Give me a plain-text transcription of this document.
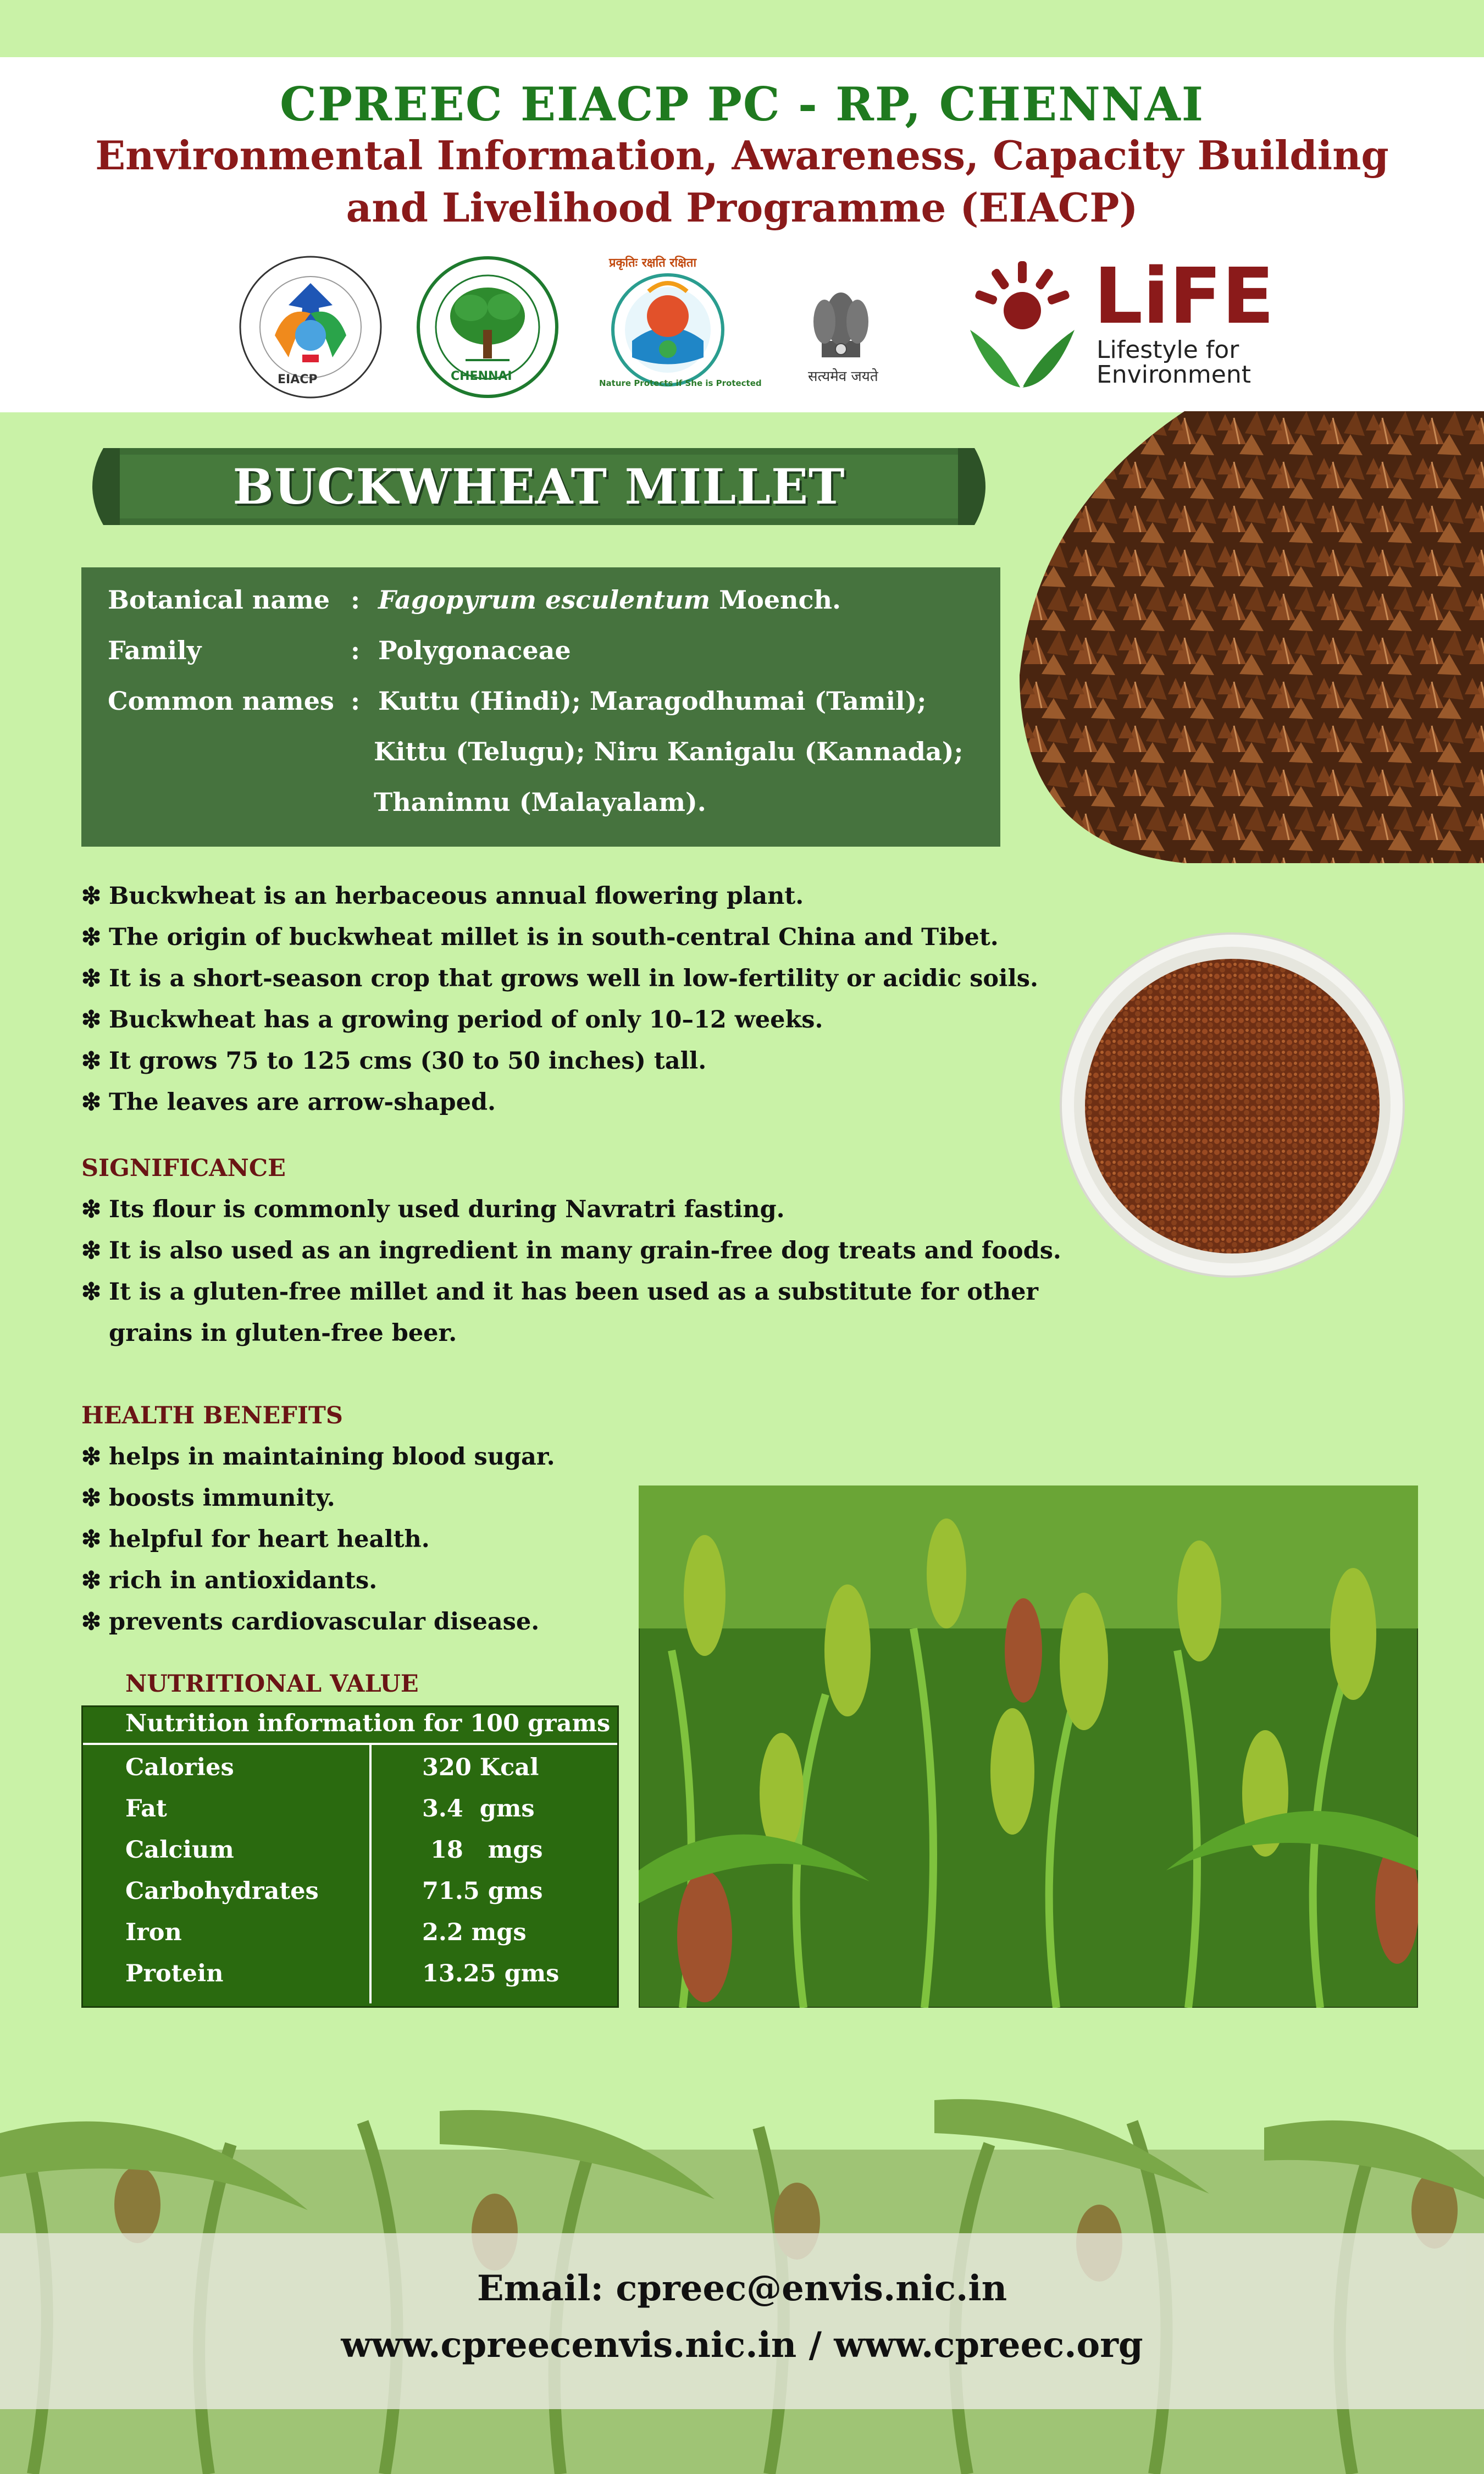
CPREEC EIACP PC - RP, CHENNAI
Environmental Information, Awareness, Capacity Building
and Livelihood Programme (EIACP)
EIACP	CHENNAI
प्रकृतिः रक्षति रक्षिता
Nature Protects if She is Protected	सत्यमेव जयते
LiFE
Lifestyle for
Environment
BUCKWHEAT MILLET
Botanical name : Fagopyrum esculentum Moench.
Family	: Polygonaceae
Common names : Kuttu (Hindi); Maragodhumai (Tamil);
Kittu (Telugu); Niru Kanigalu (Kannada);
Thaninnu (Malayalam).
❇ Buckwheat is an herbaceous annual flowering plant.
❇ The origin of buckwheat millet is in south-central China and Tibet.
❇ It is a short-season crop that grows well in low-fertility or acidic soils.
❇ Buckwheat has a growing period of only 10–12 weeks.
❇ It grows 75 to 125 cms (30 to 50 inches) tall.
❇ The leaves are arrow-shaped.
SIGNIFICANCE
❇ Its flour is commonly used during Navratri fasting.
❇ It is also used as an ingredient in many grain-free dog treats and foods.
❇ It is a gluten-free millet and it has been used as a substitute for other
grains in gluten-free beer.
HEALTH BENEFITS
❇ helps in maintaining blood sugar.
❇ boosts immunity.
❇ helpful for heart health.
❇ rich in antioxidants.
❇ prevents cardiovascular disease.
NUTRITIONAL VALUE
Nutrition information for 100 grams
Calories	320 Kcal
Fat	3.4  gms
Calcium	18   mgs
Carbohydrates	71.5 gms
Iron	2.2 mgs
Protein	13.25 gms
Email: cpreec@envis.nic.in
www.cpreecenvis.nic.in / www.cpreec.org
